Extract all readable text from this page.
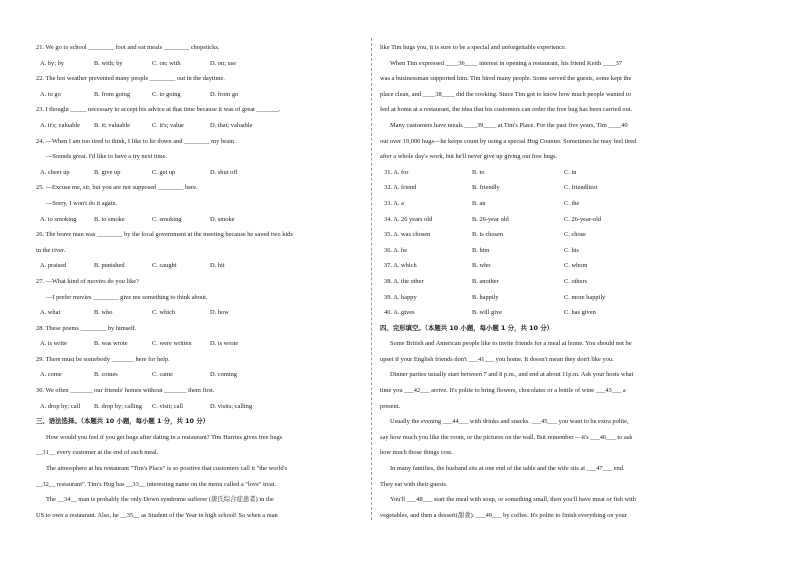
21. We go to school ________ foot and eat meals ________ chopsticks.
A. by; by	B. with; by	C. on; with	D. on; use
22. The hot weather prevented many people ________ out in the daytime.
A. to go	B. from going	C. to going	D. from go
23. I thought _____ necessary to accept his advice at that time because it was of great _______.
A. it's; valuable	B. it; valuable	C. it's; value	D. that; valuable
24. —When I am too tired to think, I like to lie down and ________ my brain.
—Sounds great. I'd like to have a try next time.
A. cheer up	B. give up	C. get up	D. shut off
25. —Excuse me, sir, but you are not supposed ________ here.
—Sorry, I won't do it again.
A. to smoking	B. to smoke	C. smoking	D. smoke
26. The brave man was ________ by the local government at the meeting because he saved two kids
in the river.
A. praised	B. punished	C. caught	D. hit
27. —What kind of movies do you like?
—I prefer movies ________ give me something to think about.
A. what	B. who	C. which	D. how
28. These poems ________ by himself.
A. is write	B. was wrote	C. were written	D. is wrote
29. There must be somebody _______ here for help.
A. come	B. comes	C. came	D. coming
30. We often _______ our friends' homes without _______ them first.
A. drop by; call	B. drop by; calling	C. visit; call	D. visits; calling
三、语法选择。（本题共 10 小题，每小题 1 分，共 10 分）
How would you feel if you get hugs after dating in a restaurant? Tim Harries gives free hugs
__31__ every customer at the end of each meal.
The atmosphere at his restaurant "Tim's Place" is so positive that customers call it "the world's
__32__ restaurant". Tim's Hug has __33__ interesting name on the menu called a "love" treat.
The __34__ man is probably the only Down syndrome sufferer (唐氏综合症患者) in the
US to own a restaurant. Also, he __35__ as Student of the Year in high school! So when a man
like Tim hugs you, it is sure to be a special and unforgettable experience.
When Tim expressed ____36____ interest in opening a restaurant, his friend Keith ____37
was a businessman supported him. Tim hired many people. Some served the guests, some kept the
place clean, and ____38____ did the cooking. Since Tim got to know how much people wanted to
feel at home at a restaurant, the idea that his customers can order the free hug has been carried out.
Many customers have meals ____39____ at Tim's Place. For the past five years, Tim ____40
out over 19,000 hugs—he keeps count by using a special Hug Counter. Sometimes he may feel tired
after a whole day's work, but he'll never give up giving out free hugs.
31. A. for	B. to	C. in
32. A. friend	B. friendly	C. friendliest
33. A. a	B. an	C. the
34. A. 26 years old	B. 26-year old	C. 26-year-old
35. A. was chosen	B. is chosen	C. chose
36. A. he	B. him	C. his
37. A. which	B. who	C. whom
38. A. the other	B. another	C. others
39. A. happy	B. happily	C. more happily
40. A. gives	B. will give	C. has given
四、完形填空。（本题共 10 小题，每小题 1 分，共 10 分）
Some British and American people like to invite friends for a meal at home. You should not be
upset if your English friends don't ___41___ you home. It doesn't mean they don't like you.
Dinner parties usually start between 7 and 8 p.m., and end at about 11p.m. Ask your hosts what
time you ___42___ arrive. It's polite to bring flowers, chocolates or a bottle of wine ___43___ a
present.
Usually the evening ___44___ with drinks and snacks. ___45___ you want to be extra polite,
say how much you like the room, or the pictures on the wall. But remember —it's ___46___ to ask
how much those things cost.
In many families, the husband sits at one end of the table and the wife sits at ___47___ end.
They eat with their guests.
You'll ___48___ start the meal with soup, or something small, then you'll have meat or fish with
vegetables, and then a dessert(甜食). ___49___ by coffee. It's polite to finish everything on your
